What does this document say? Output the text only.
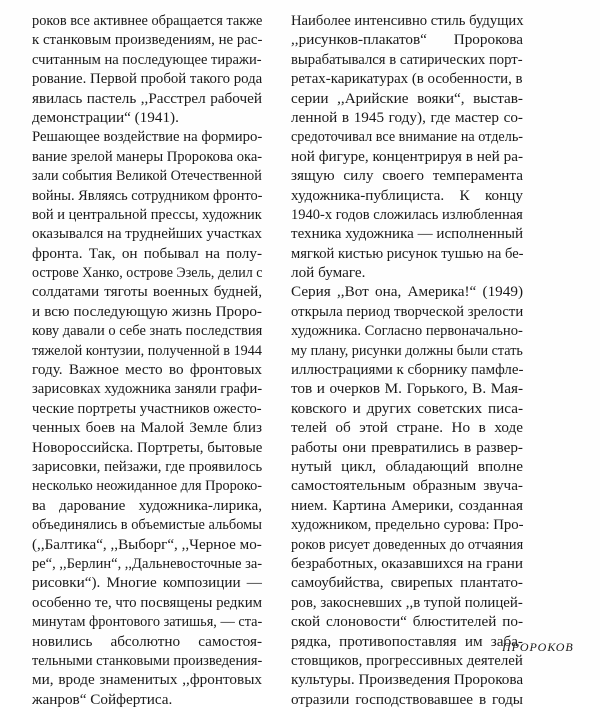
роков все активнее обращается также
к станковым произведениям, не рас-
считанным на последующее тиражи-
рование. Первой пробой такого рода
явилась пастель ,,Расстрел рабочей
демонстрации“ (1941).
Решающее воздействие на формиро-
вание зрелой манеры Пророкова ока-
зали события Великой Отечественной
войны. Являясь сотрудником фронто-
вой и центральной прессы, художник
оказывался на труднейших участках
фронта. Так, он побывал на полу-
острове Ханко, острове Эзель, делил с
солдатами тяготы военных будней,
и всю последующую жизнь Проро-
кову давали о себе знать последствия
тяжелой контузии, полученной в 1944
году. Важное место во фронтовых
зарисовках художника заняли графи-
ческие портреты участников ожесто-
ченных боев на Малой Земле близ
Новороссийска. Портреты, бытовые
зарисовки, пейзажи, где проявилось
несколько неожиданное для Пророко-
ва дарование художника-лирика,
объединялись в объемистые альбомы
(,,Балтика“, ,,Выборг“, ,,Черное мо-
ре“, ,,Берлин“, ,,Дальневосточные за-
рисовки“). Многие композиции —
особенно те, что посвящены редким
минутам фронтового затишья, — ста-
новились абсолютно самостоя-
тельными станковыми произведения-
ми, вроде знаменитых ,,фронтовых
жанров“ Сойфертиса.
Наиболее интенсивно стиль будущих
,,рисунков-плакатов“ Пророкова
вырабатывался в сатирических порт-
ретах-карикатурах (в особенности, в
серии ,,Арийские вояки“, выстав-
ленной в 1945 году), где мастер со-
средоточивал все внимание на отдель-
ной фигуре, концентрируя в ней ра-
зящую силу своего темперамента
художника-публициста. К концу
1940-х годов сложилась излюбленная
техника художника — исполненный
мягкой кистью рисунок тушью на бе-
лой бумаге.
Серия ,,Вот она, Америка!“ (1949)
открыла период творческой зрелости
художника. Согласно первоначально-
му плану, рисунки должны были стать
иллюстрациями к сборнику памфле-
тов и очерков М. Горького, В. Мая-
ковского и других советских писа-
телей об этой стране. Но в ходе
работы они превратились в развер-
нутый цикл, обладающий вполне
самостоятельным образным звуча-
нием. Картина Америки, созданная
художником, предельно сурова: Про-
роков рисует доведенных до отчаяния
безработных, оказавшихся на грани
самоубийства, свирепых плантато-
ров, закосневших ,,в тупой полицей-
ской слоновости“ блюстителей по-
рядка, противопоставляя им заба-
стовщиков, прогрессивных деятелей
культуры. Произведения Пророкова
отразили господствовавшее в годы
ПРОРОКОВ
